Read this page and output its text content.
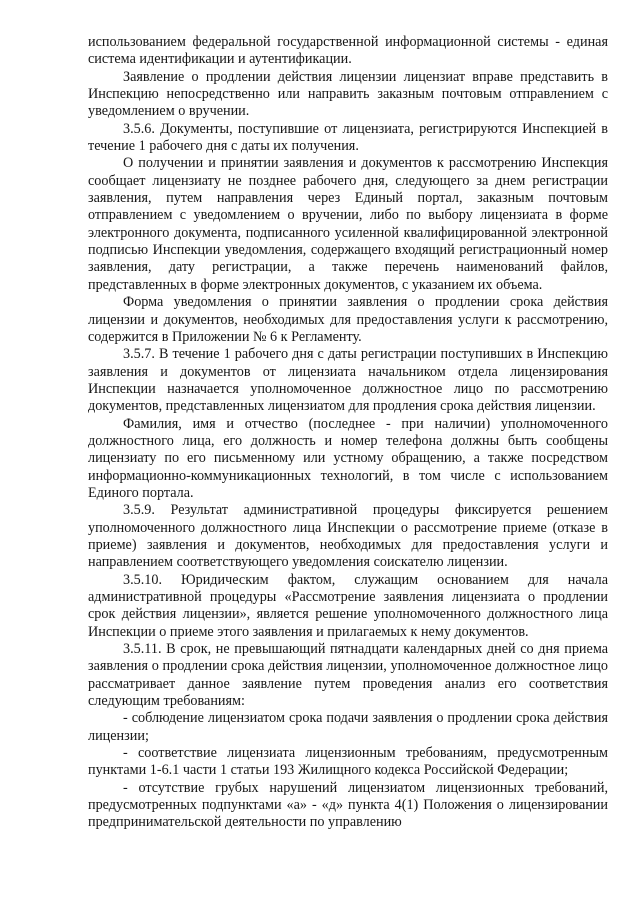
использованием федеральной государственной информационной системы - единая система идентификации и аутентификации.

Заявление о продлении действия лицензии лицензиат вправе представить в Инспекцию непосредственно или направить заказным почтовым отправлением с уведомлением о вручении.

3.5.6. Документы, поступившие от лицензиата, регистрируются Инспекцией в течение 1 рабочего дня с даты их получения.

О получении и принятии заявления и документов к рассмотрению Инспекция сообщает лицензиату не позднее рабочего дня, следующего за днем регистрации заявления, путем направления через Единый портал, заказным почтовым отправлением с уведомлением о вручении, либо по выбору лицензиата в форме электронного документа, подписанного усиленной квалифицированной электронной подписью Инспекции уведомления, содержащего входящий регистрационный номер заявления, дату регистрации, а также перечень наименований файлов, представленных в форме электронных документов, с указанием их объема.

Форма уведомления о принятии заявления о продлении срока действия лицензии и документов, необходимых для предоставления услуги к рассмотрению, содержится в Приложении № 6 к Регламенту.

3.5.7. В течение 1 рабочего дня с даты регистрации поступивших в Инспекцию заявления и документов от лицензиата начальником отдела лицензирования Инспекции назначается уполномоченное должностное лицо по рассмотрению документов, представленных лицензиатом для продления срока действия лицензии.

Фамилия, имя и отчество (последнее - при наличии) уполномоченного должностного лица, его должность и номер телефона должны быть сообщены лицензиату по его письменному или устному обращению, а также посредством информационно-коммуникационных технологий, в том числе с использованием Единого портала.

3.5.9. Результат административной процедуры фиксируется решением уполномоченного должностного лица Инспекции о рассмотрение приеме (отказе в приеме) заявления и документов, необходимых для предоставления услуги и направлением соответствующего уведомления соискателю лицензии.

3.5.10. Юридическим фактом, служащим основанием для начала административной процедуры «Рассмотрение заявления лицензиата о продлении срок действия лицензии», является решение уполномоченного должностного лица Инспекции о приеме этого заявления и прилагаемых к нему документов.

3.5.11. В срок, не превышающий пятнадцати календарных дней со дня приема заявления о продлении срока действия лицензии, уполномоченное должностное лицо рассматривает данное заявление путем проведения анализ его соответствия следующим требованиям:

- соблюдение лицензиатом срока подачи заявления о продлении срока действия лицензии;

- соответствие лицензиата лицензионным требованиям, предусмотренным пунктами 1-6.1 части 1 статьи 193 Жилищного кодекса Российской Федерации;

- отсутствие грубых нарушений лицензиатом лицензионных требований, предусмотренных подпунктами «а» - «д» пункта 4(1) Положения о лицензировании предпринимательской деятельности по управлению
